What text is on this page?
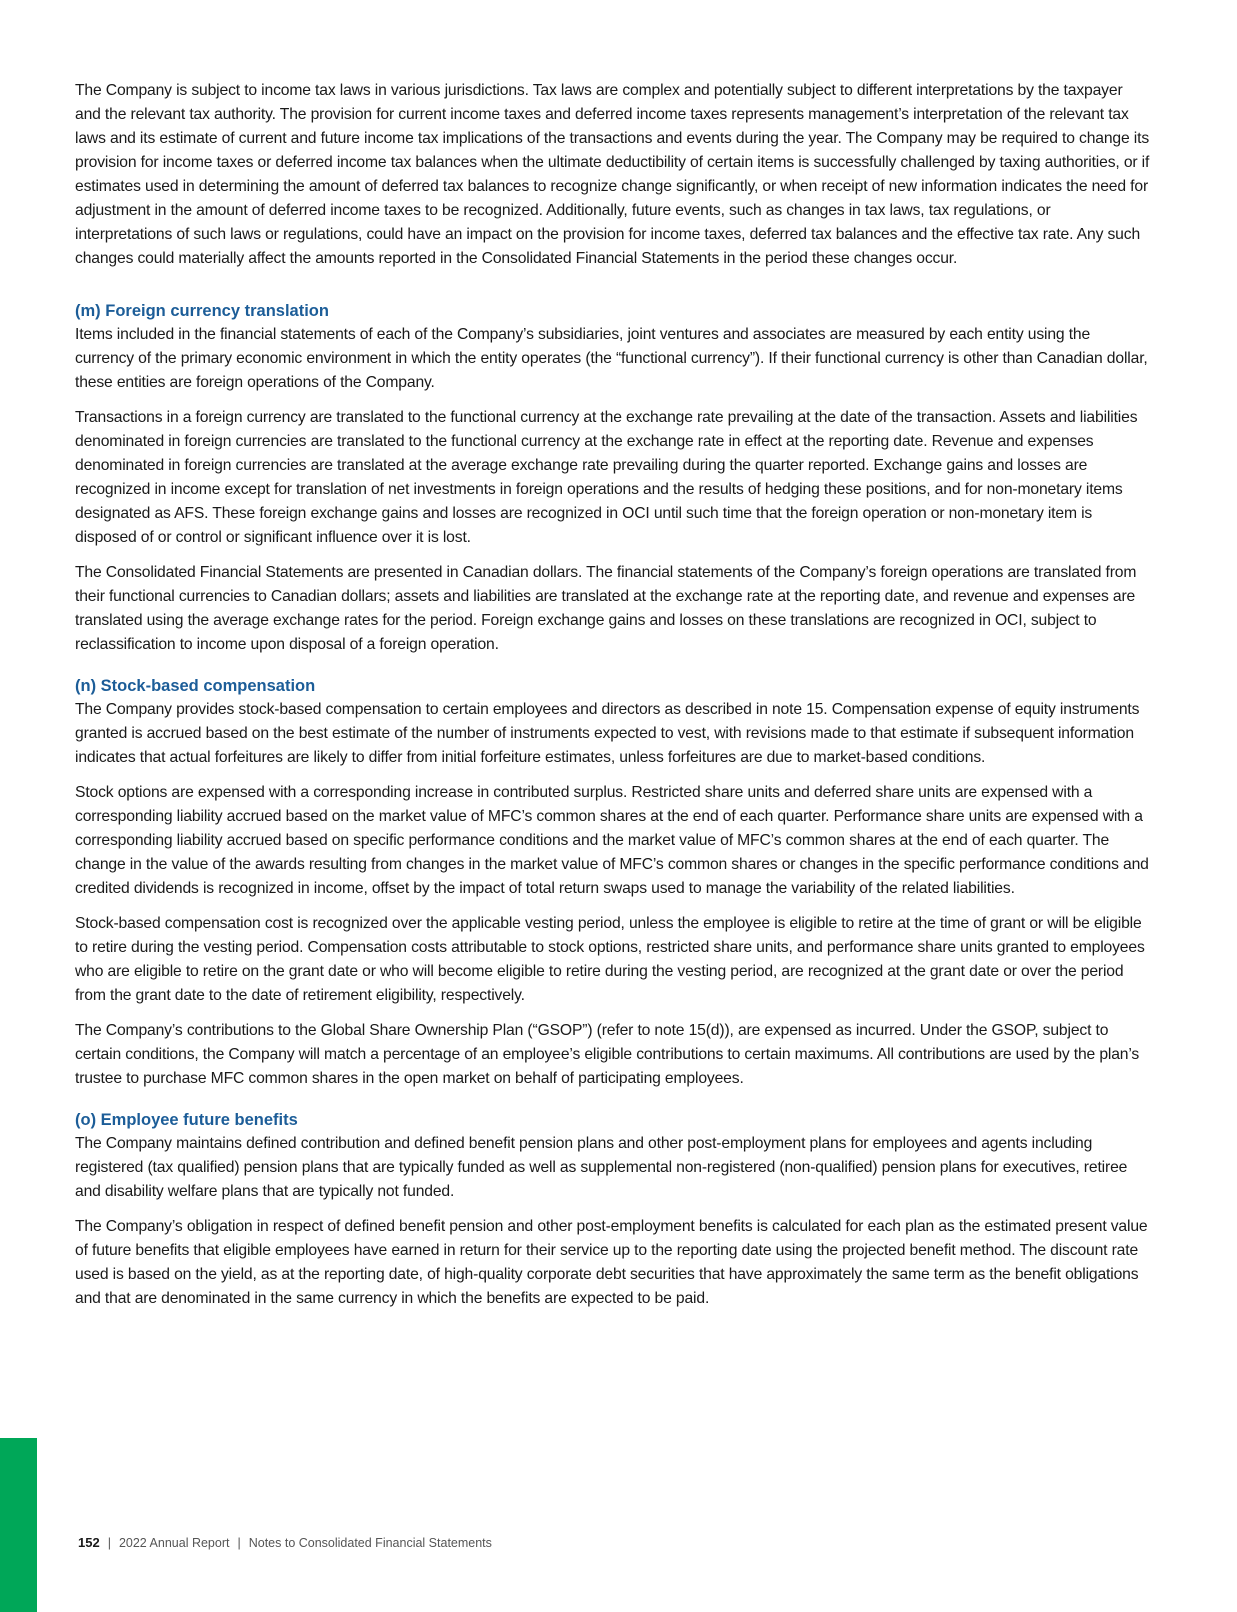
The Company is subject to income tax laws in various jurisdictions. Tax laws are complex and potentially subject to different interpretations by the taxpayer and the relevant tax authority. The provision for current income taxes and deferred income taxes represents management’s interpretation of the relevant tax laws and its estimate of current and future income tax implications of the transactions and events during the year. The Company may be required to change its provision for income taxes or deferred income tax balances when the ultimate deductibility of certain items is successfully challenged by taxing authorities, or if estimates used in determining the amount of deferred tax balances to recognize change significantly, or when receipt of new information indicates the need for adjustment in the amount of deferred income taxes to be recognized. Additionally, future events, such as changes in tax laws, tax regulations, or interpretations of such laws or regulations, could have an impact on the provision for income taxes, deferred tax balances and the effective tax rate. Any such changes could materially affect the amounts reported in the Consolidated Financial Statements in the period these changes occur.

(m) Foreign currency translation

Items included in the financial statements of each of the Company’s subsidiaries, joint ventures and associates are measured by each entity using the currency of the primary economic environment in which the entity operates (the “functional currency”). If their functional currency is other than Canadian dollar, these entities are foreign operations of the Company.

Transactions in a foreign currency are translated to the functional currency at the exchange rate prevailing at the date of the transaction. Assets and liabilities denominated in foreign currencies are translated to the functional currency at the exchange rate in effect at the reporting date. Revenue and expenses denominated in foreign currencies are translated at the average exchange rate prevailing during the quarter reported. Exchange gains and losses are recognized in income except for translation of net investments in foreign operations and the results of hedging these positions, and for non-monetary items designated as AFS. These foreign exchange gains and losses are recognized in OCI until such time that the foreign operation or non-monetary item is disposed of or control or significant influence over it is lost.

The Consolidated Financial Statements are presented in Canadian dollars. The financial statements of the Company’s foreign operations are translated from their functional currencies to Canadian dollars; assets and liabilities are translated at the exchange rate at the reporting date, and revenue and expenses are translated using the average exchange rates for the period. Foreign exchange gains and losses on these translations are recognized in OCI, subject to reclassification to income upon disposal of a foreign operation.

(n) Stock-based compensation

The Company provides stock-based compensation to certain employees and directors as described in note 15. Compensation expense of equity instruments granted is accrued based on the best estimate of the number of instruments expected to vest, with revisions made to that estimate if subsequent information indicates that actual forfeitures are likely to differ from initial forfeiture estimates, unless forfeitures are due to market-based conditions.

Stock options are expensed with a corresponding increase in contributed surplus. Restricted share units and deferred share units are expensed with a corresponding liability accrued based on the market value of MFC’s common shares at the end of each quarter. Performance share units are expensed with a corresponding liability accrued based on specific performance conditions and the market value of MFC’s common shares at the end of each quarter. The change in the value of the awards resulting from changes in the market value of MFC’s common shares or changes in the specific performance conditions and credited dividends is recognized in income, offset by the impact of total return swaps used to manage the variability of the related liabilities.

Stock-based compensation cost is recognized over the applicable vesting period, unless the employee is eligible to retire at the time of grant or will be eligible to retire during the vesting period. Compensation costs attributable to stock options, restricted share units, and performance share units granted to employees who are eligible to retire on the grant date or who will become eligible to retire during the vesting period, are recognized at the grant date or over the period from the grant date to the date of retirement eligibility, respectively.

The Company’s contributions to the Global Share Ownership Plan (“GSOP”) (refer to note 15(d)), are expensed as incurred. Under the GSOP, subject to certain conditions, the Company will match a percentage of an employee’s eligible contributions to certain maximums. All contributions are used by the plan’s trustee to purchase MFC common shares in the open market on behalf of participating employees.

(o) Employee future benefits

The Company maintains defined contribution and defined benefit pension plans and other post-employment plans for employees and agents including registered (tax qualified) pension plans that are typically funded as well as supplemental non-registered (non-qualified) pension plans for executives, retiree and disability welfare plans that are typically not funded.

The Company’s obligation in respect of defined benefit pension and other post-employment benefits is calculated for each plan as the estimated present value of future benefits that eligible employees have earned in return for their service up to the reporting date using the projected benefit method. The discount rate used is based on the yield, as at the reporting date, of high-quality corporate debt securities that have approximately the same term as the benefit obligations and that are denominated in the same currency in which the benefits are expected to be paid.

152 | 2022 Annual Report | Notes to Consolidated Financial Statements
